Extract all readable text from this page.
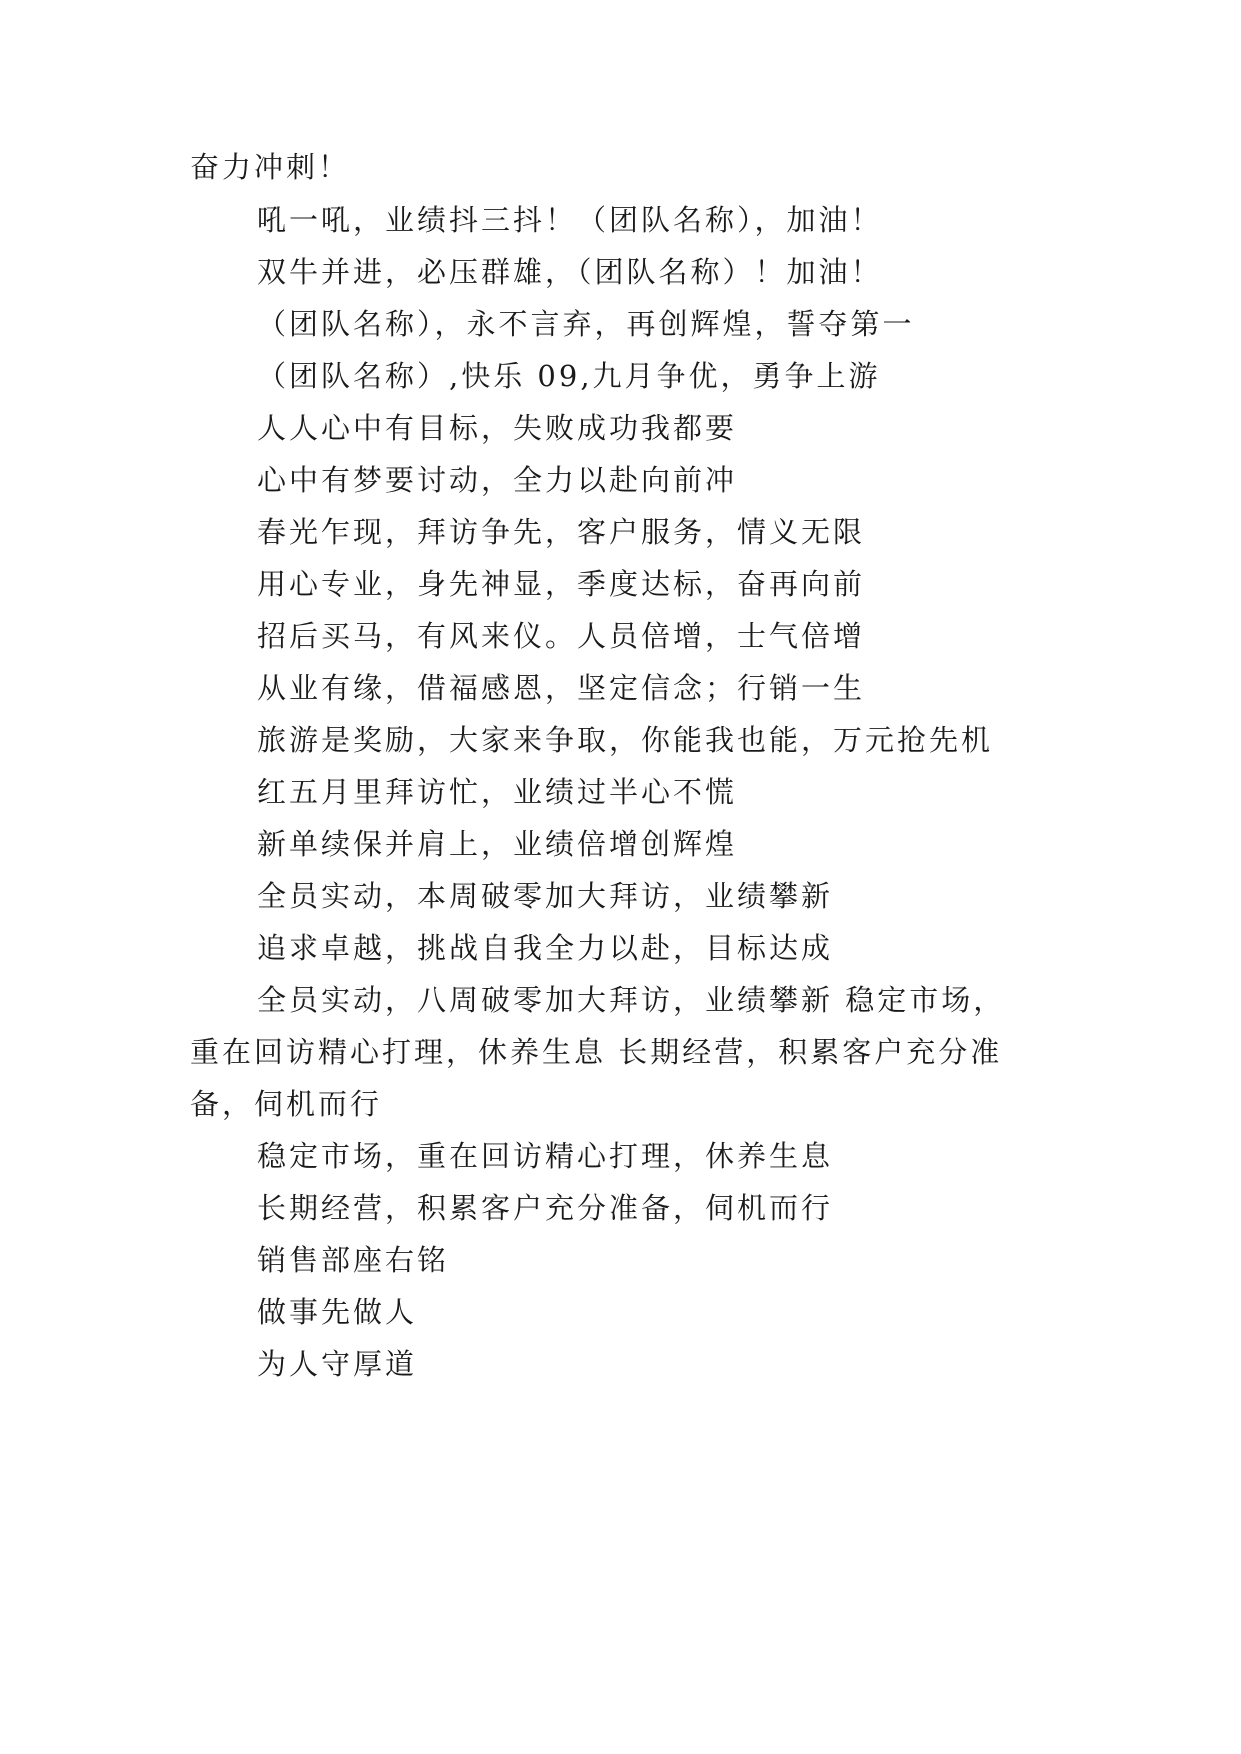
奋力冲刺！
吼一吼，业绩抖三抖！（团队名称），加油！
双牛并进，必压群雄，（团队名称）！加油！
（团队名称），永不言弃，再创辉煌，誓夺第一
（团队名称）,快乐 09,九月争优，勇争上游
人人心中有目标，失败成功我都要
心中有梦要讨动，全力以赴向前冲
春光乍现，拜访争先，客户服务，情义无限
用心专业，身先神显，季度达标，奋再向前
招后买马，有风来仪。人员倍增，士气倍增
从业有缘，借福感恩，坚定信念；行销一生
旅游是奖励，大家来争取，你能我也能，万元抢先机
红五月里拜访忙，业绩过半心不慌
新单续保并肩上，业绩倍增创辉煌
全员实动，本周破零加大拜访，业绩攀新
追求卓越，挑战自我全力以赴，目标达成
全员实动，八周破零加大拜访，业绩攀新 稳定市场，
重在回访精心打理，休养生息 长期经营，积累客户充分准
备，伺机而行
稳定市场，重在回访精心打理，休养生息
长期经营，积累客户充分准备，伺机而行
销售部座右铭
做事先做人
为人守厚道
